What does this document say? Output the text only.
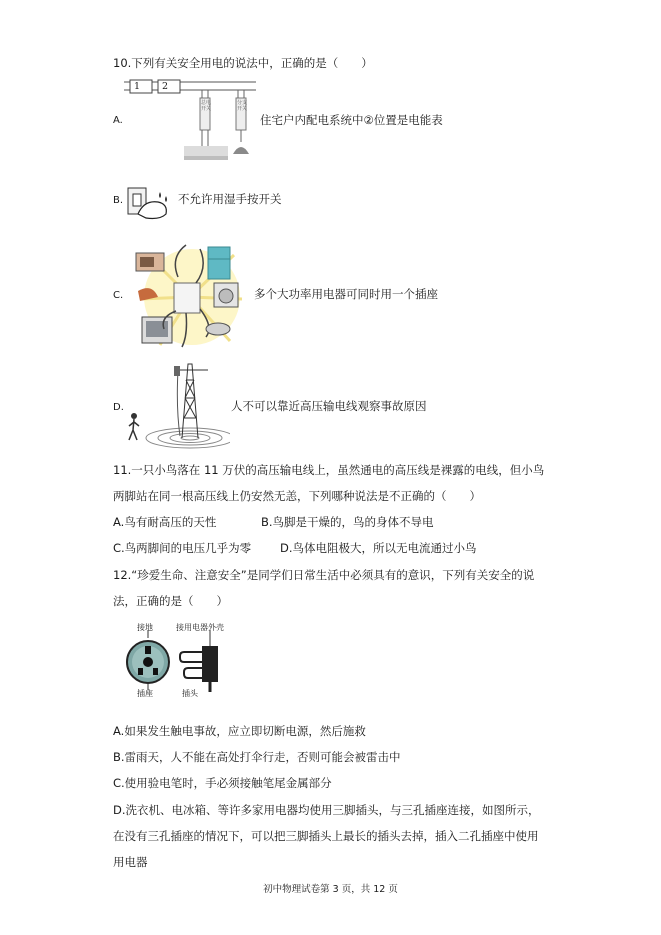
10.下列有关安全用电的说法中，正确的是（　　）
1 2
总电开关
分支开关
A.	住宅户内配电系统中②位置是电能表
B.	不允许用湿手按开关
C.	多个大功率用电器可同时用一个插座
D.	人不可以靠近高压输电线观察事故原因
11.一只小鸟落在 11 万伏的高压输电线上，虽然通电的高压线是裸露的电线，但小鸟
两脚站在同一根高压线上仍安然无恙，下列哪种说法是不正确的（　　）
A.鸟有耐高压的天性	B.鸟脚是干燥的，鸟的身体不导电
C.鸟两脚间的电压几乎为零	D.鸟体电阻极大，所以无电流通过小鸟
12.“珍爱生命、注意安全”是同学们日常生活中必须具有的意识，下列有关安全的说
法，正确的是（　　）
接地	接用电器外壳
插座	插头
A.如果发生触电事故，应立即切断电源，然后施救
B.雷雨天，人不能在高处打伞行走，否则可能会被雷击中
C.使用验电笔时，手必须接触笔尾金属部分
D.洗衣机、电冰箱、等许多家用电器均使用三脚插头，与三孔插座连接，如图所示，
在没有三孔插座的情况下，可以把三脚插头上最长的插头去掉，插入二孔插座中使用
用电器
初中物理试卷第 3 页，共 12 页
